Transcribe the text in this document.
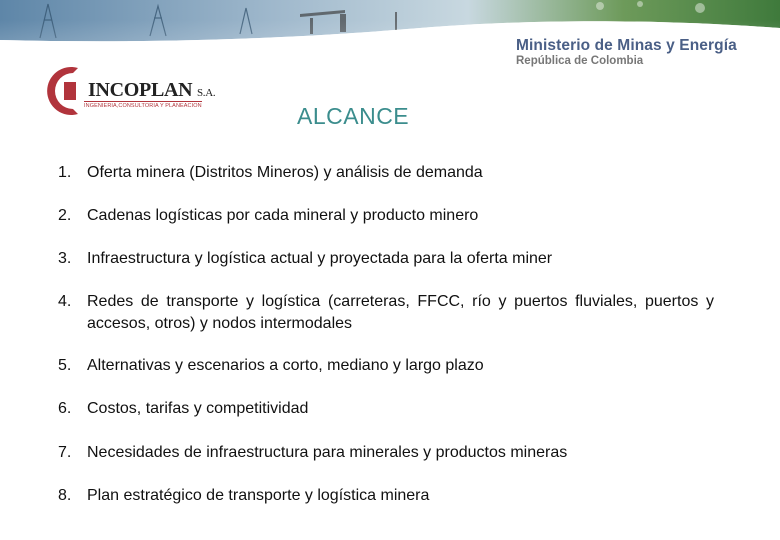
Ministerio de Minas y Energía
República de Colombia
INCOPLAN S.A.
INGENIERIA,CONSULTORIA Y PLANEACION	ALCANCE
1. Oferta minera (Distritos Mineros) y análisis de demanda
2. Cadenas logísticas por cada mineral y producto minero
3. Infraestructura y logística actual y proyectada para la oferta miner
4. Redes de transporte y logística (carreteras, FFCC, río y puertos fluviales, puertos y accesos, otros) y nodos intermodales
5. Alternativas y escenarios a corto, mediano y largo plazo
6. Costos, tarifas y competitividad
7. Necesidades de infraestructura para minerales y productos mineras
8. Plan estratégico de transporte y logística minera
